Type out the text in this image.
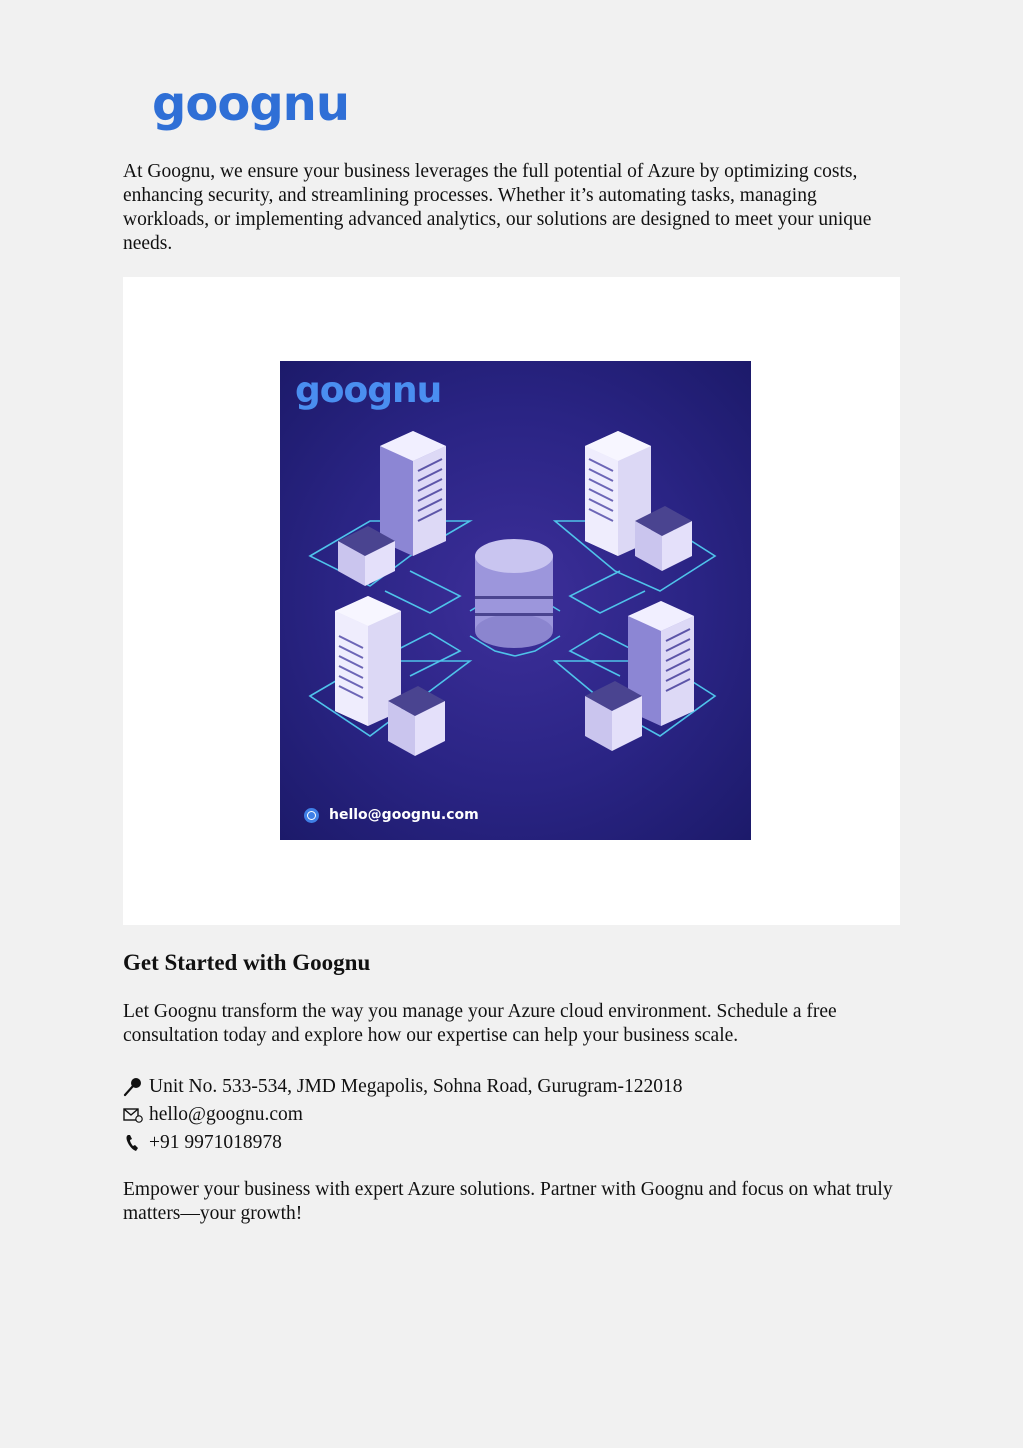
goognu

At Goognu, we ensure your business leverages the full potential of Azure by optimizing costs, enhancing security, and streamlining processes. Whether it’s automating tasks, managing workloads, or implementing advanced analytics, our solutions are designed to meet your unique needs.

goognu
hello@goognu.com
Get Started with Goognu

Let Goognu transform the way you manage your Azure cloud environment. Schedule a free consultation today and explore how our expertise can help your business scale.

Unit No. 533-534, JMD Megapolis, Sohna Road, Gurugram-122018
hello@goognu.com
+91 9971018978

Empower your business with expert Azure solutions. Partner with Goognu and focus on what truly matters—your growth!
